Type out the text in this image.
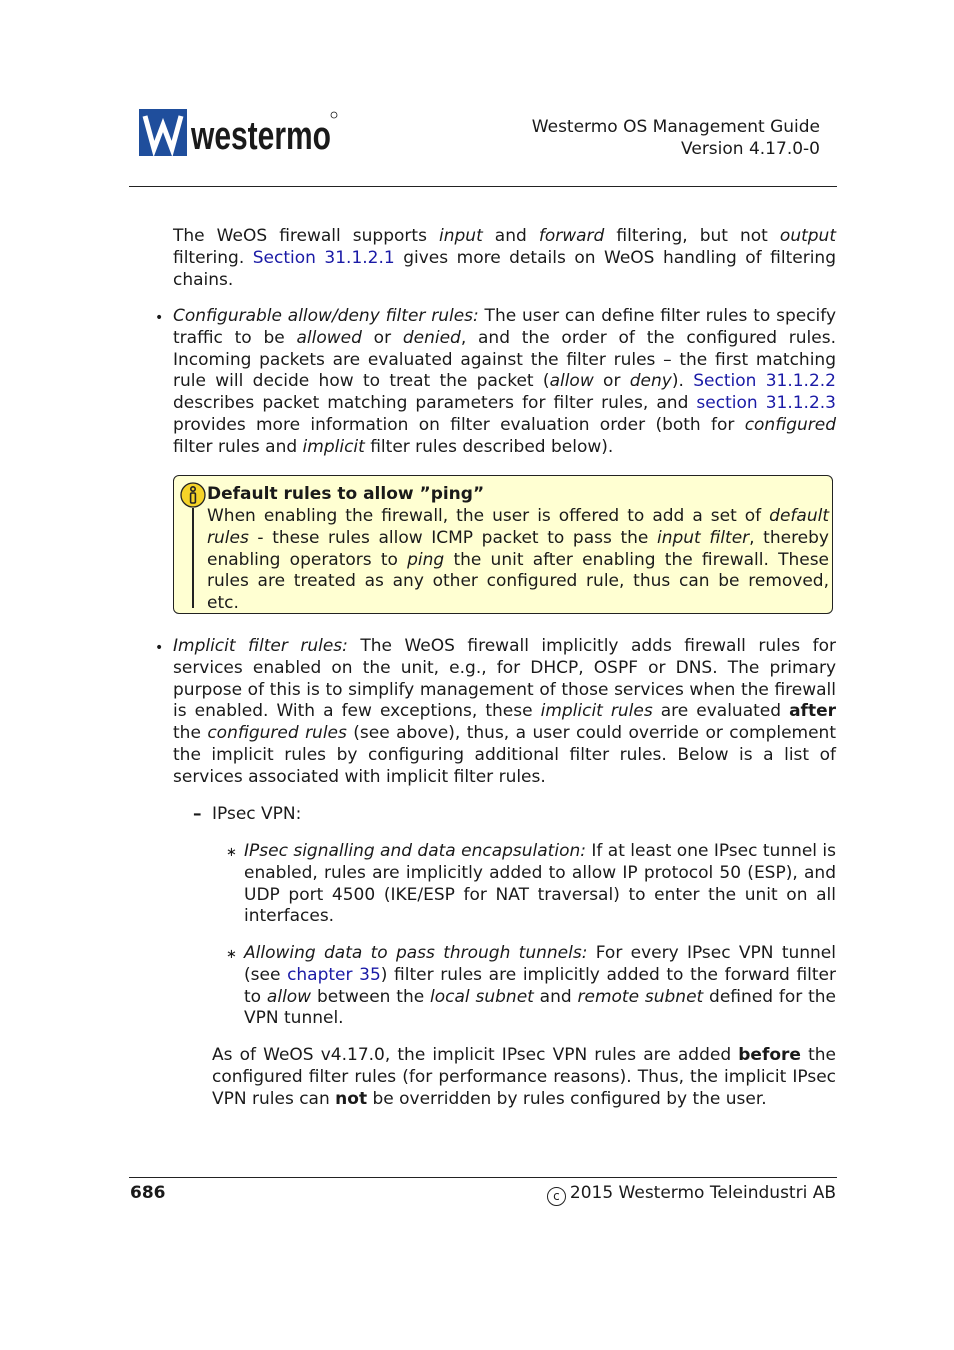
westermo	Westermo OS Management Guide
Version 4.17.0-0

The WeOS firewall supports input and forward filtering, but not output filtering. Section 31.1.2.1 gives more details on WeOS handling of filtering chains.

• Configurable allow/deny filter rules: The user can define filter rules to specify traffic to be allowed or denied, and the order of the configured rules. Incoming packets are evaluated against the filter rules – the first matching rule will decide how to treat the packet (allow or deny). Section 31.1.2.2 describes packet matching parameters for filter rules, and section 31.1.2.3 provides more information on filter evaluation order (both for configured filter rules and implicit filter rules described below).

Default rules to allow ”ping”
When enabling the firewall, the user is offered to add a set of default rules - these rules allow ICMP packet to pass the input filter, thereby enabling operators to ping the unit after enabling the firewall. These rules are treated as any other configured rule, thus can be removed, etc.
• Implicit filter rules: The WeOS firewall implicitly adds firewall rules for services enabled on the unit, e.g., for DHCP, OSPF or DNS. The primary purpose of this is to simplify management of those services when the firewall is enabled. With a few exceptions, these implicit rules are evaluated after the configured rules (see above), thus, a user could override or complement the implicit rules by configuring additional filter rules. Below is a list of services associated with implicit filter rules.

– IPsec VPN:
∗ IPsec signalling and data encapsulation: If at least one IPsec tunnel is enabled, rules are implicitly added to allow IP protocol 50 (ESP), and UDP port 4500 (IKE/ESP for NAT traversal) to enter the unit on all interfaces.

∗ Allowing data to pass through tunnels: For every IPsec VPN tunnel (see chapter 35) filter rules are implicitly added to the forward filter to allow between the local subnet and remote subnet defined for the VPN tunnel.

As of WeOS v4.17.0, the implicit IPsec VPN rules are added before the configured filter rules (for performance reasons). Thus, the implicit IPsec VPN rules can not be overridden by rules configured by the user.

686	c 2015 Westermo Teleindustri AB
